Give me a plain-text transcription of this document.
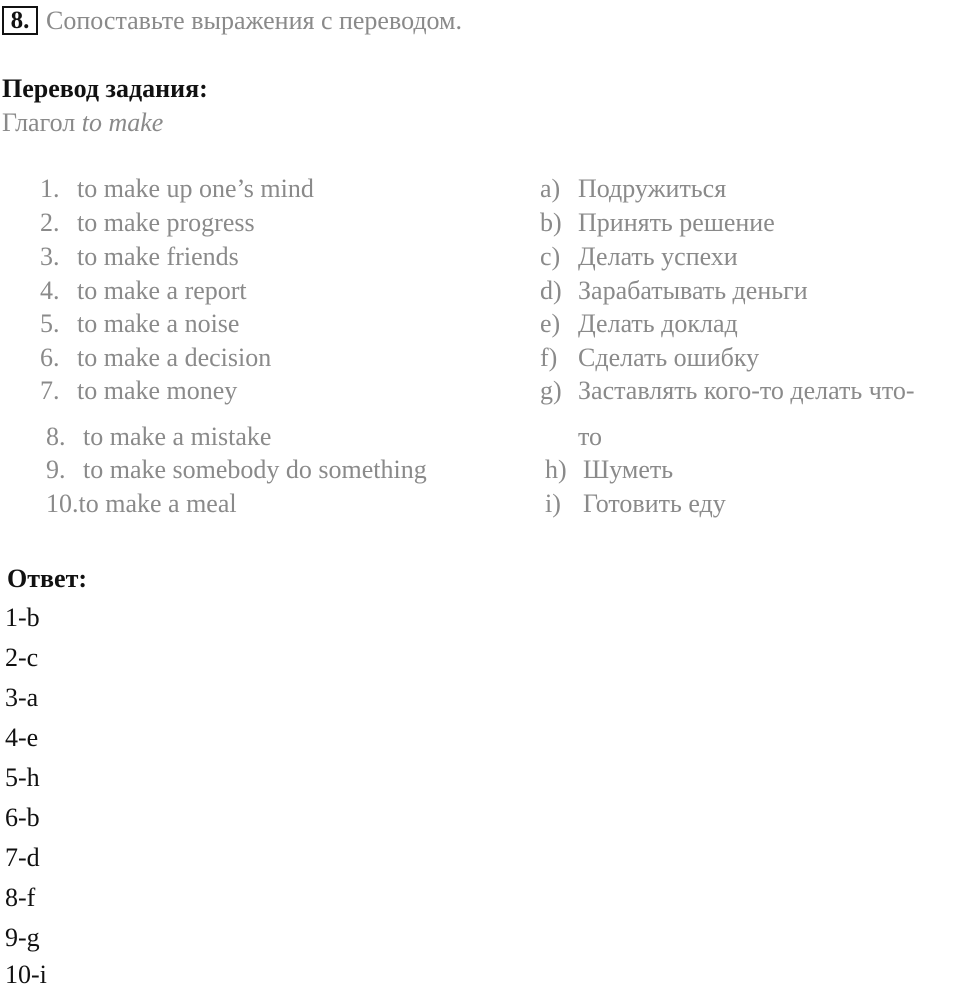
8. Сопоставьте выражения с переводом.
Перевод задания:
Глагол to make
1. to make up one’s mind
2. to make progress
3. to make friends
4. to make a report
5. to make a noise
6. to make a decision
7. to make money
8. to make a mistake
9. to make somebody do something
10.to make a meal
a) Подружиться
b) Принять решение
c) Делать успехи
d) Зарабатывать деньги
e) Делать доклад
f) Сделать ошибку
g) Заставлять кого-то делать что-
то
h) Шуметь
i) Готовить еду
Ответ:
1-b
2-c
3-a
4-e
5-h
6-b
7-d
8-f
9-g
10-i
